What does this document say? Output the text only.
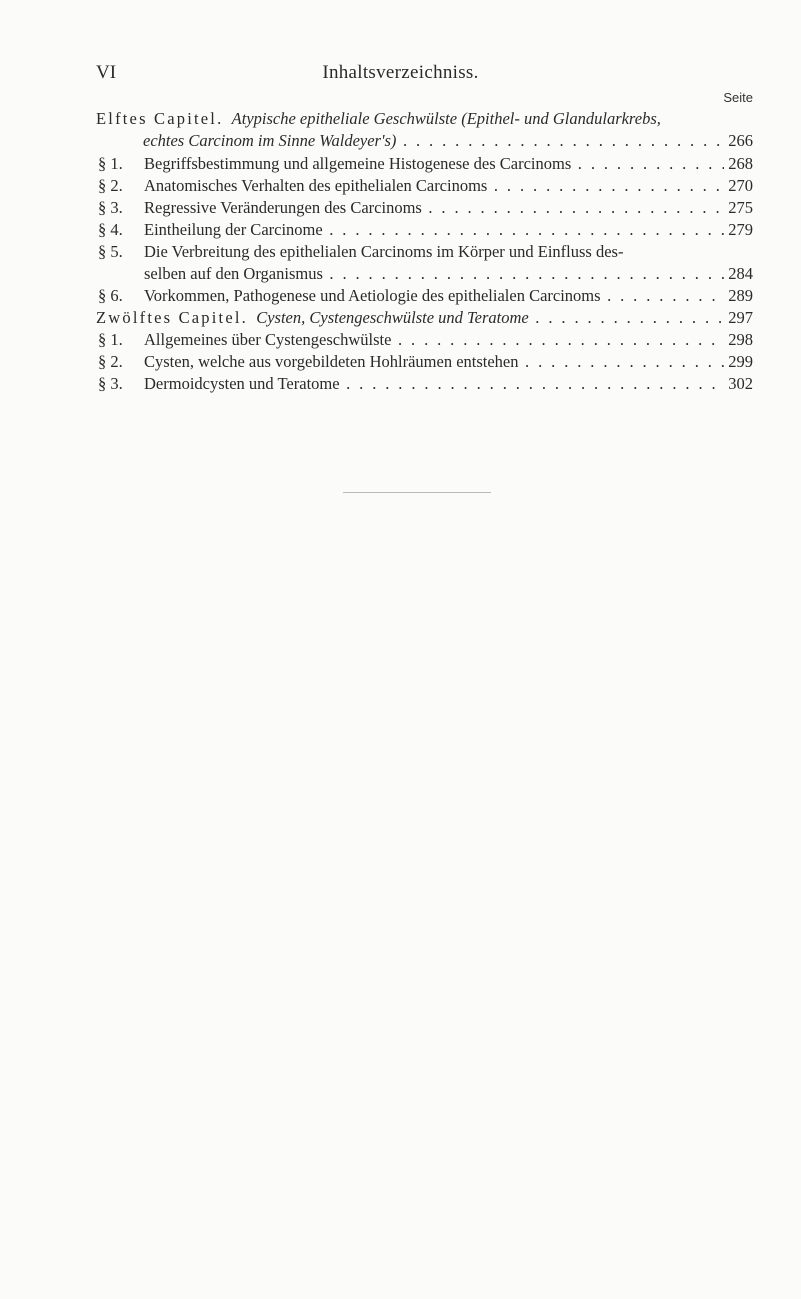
VI	Inhaltsverzeichniss.
Seite
Elftes Capitel. Atypische epitheliale Geschwülste (Epithel- und Glandularkrebs,
echtes Carcinom im Sinne Waldeyer's) . . .	266
§ 1. Begriffsbestimmung und allgemeine Histogenese des Carcinoms . . .	268
§ 2. Anatomisches Verhalten des epithelialen Carcinoms . . .	270
§ 3. Regressive Veränderungen des Carcinoms . . .	275
§ 4. Eintheilung der Carcinome . . .	279
§ 5. Die Verbreitung des epithelialen Carcinoms im Körper und Einfluss des-
selben auf den Organismus . . .	284
§ 6. Vorkommen, Pathogenese und Aetiologie des epithelialen Carcinoms . . .	289
Zwölftes Capitel. Cysten, Cystengeschwülste und Teratome . . .	297
§ 1. Allgemeines über Cystengeschwülste . . .	298
§ 2. Cysten, welche aus vorgebildeten Hohlräumen entstehen . . .	299
§ 3. Dermoidcysten und Teratome . . .	302
